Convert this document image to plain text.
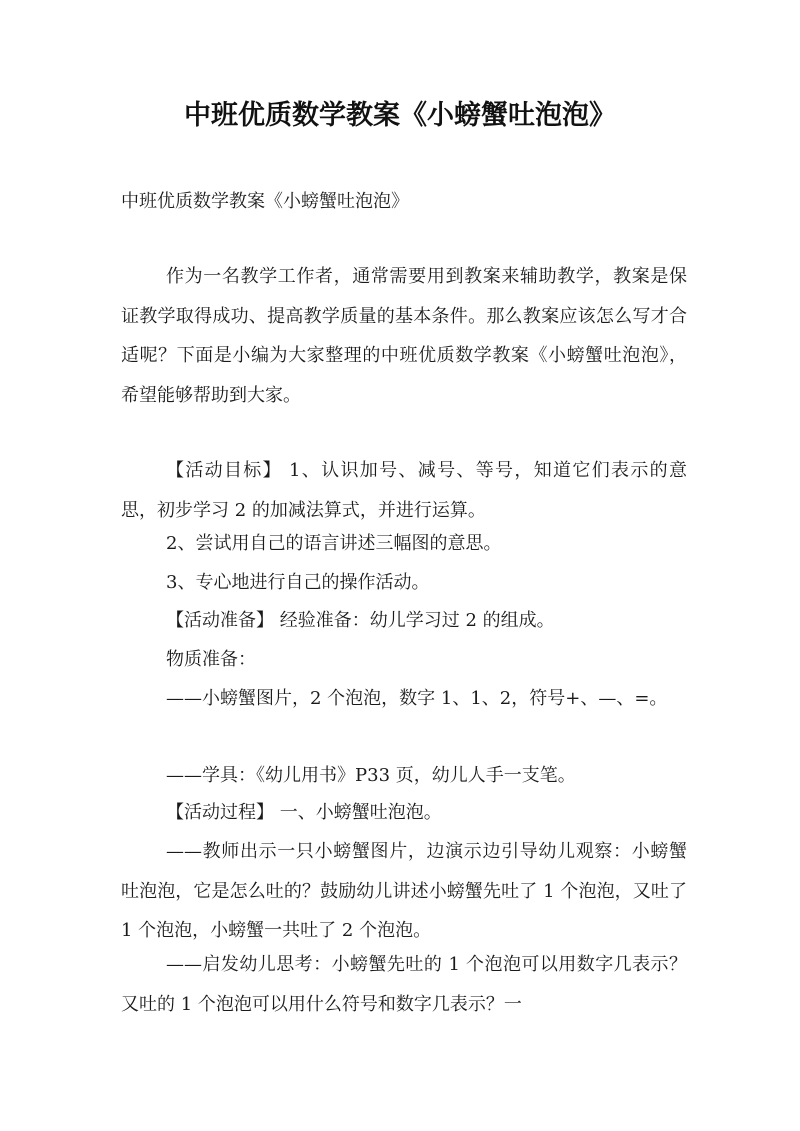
中班优质数学教案《小螃蟹吐泡泡》
中班优质数学教案《小螃蟹吐泡泡》

作为一名教学工作者，通常需要用到教案来辅助教学，教案是保证教学取得成功、提高教学质量的基本条件。那么教案应该怎么写才合适呢？下面是小编为大家整理的中班优质数学教案《小螃蟹吐泡泡》，希望能够帮助到大家。

【活动目标】 1、认识加号、减号、等号，知道它们表示的意思，初步学习 2 的加减法算式，并进行运算。

2、尝试用自己的语言讲述三幅图的意思。

3、专心地进行自己的操作活动。

【活动准备】 经验准备：幼儿学习过 2 的组成。

物质准备：

——小螃蟹图片，2 个泡泡，数字 1、1、2，符号+、—、=。

——学具：《幼儿用书》P33 页，幼儿人手一支笔。

【活动过程】 一、小螃蟹吐泡泡。

——教师出示一只小螃蟹图片，边演示边引导幼儿观察：小螃蟹吐泡泡，它是怎么吐的？鼓励幼儿讲述小螃蟹先吐了 1 个泡泡，又吐了 1 个泡泡，小螃蟹一共吐了 2 个泡泡。

——启发幼儿思考：小螃蟹先吐的 1 个泡泡可以用数字几表示？又吐的 1 个泡泡可以用什么符号和数字几表示？一
